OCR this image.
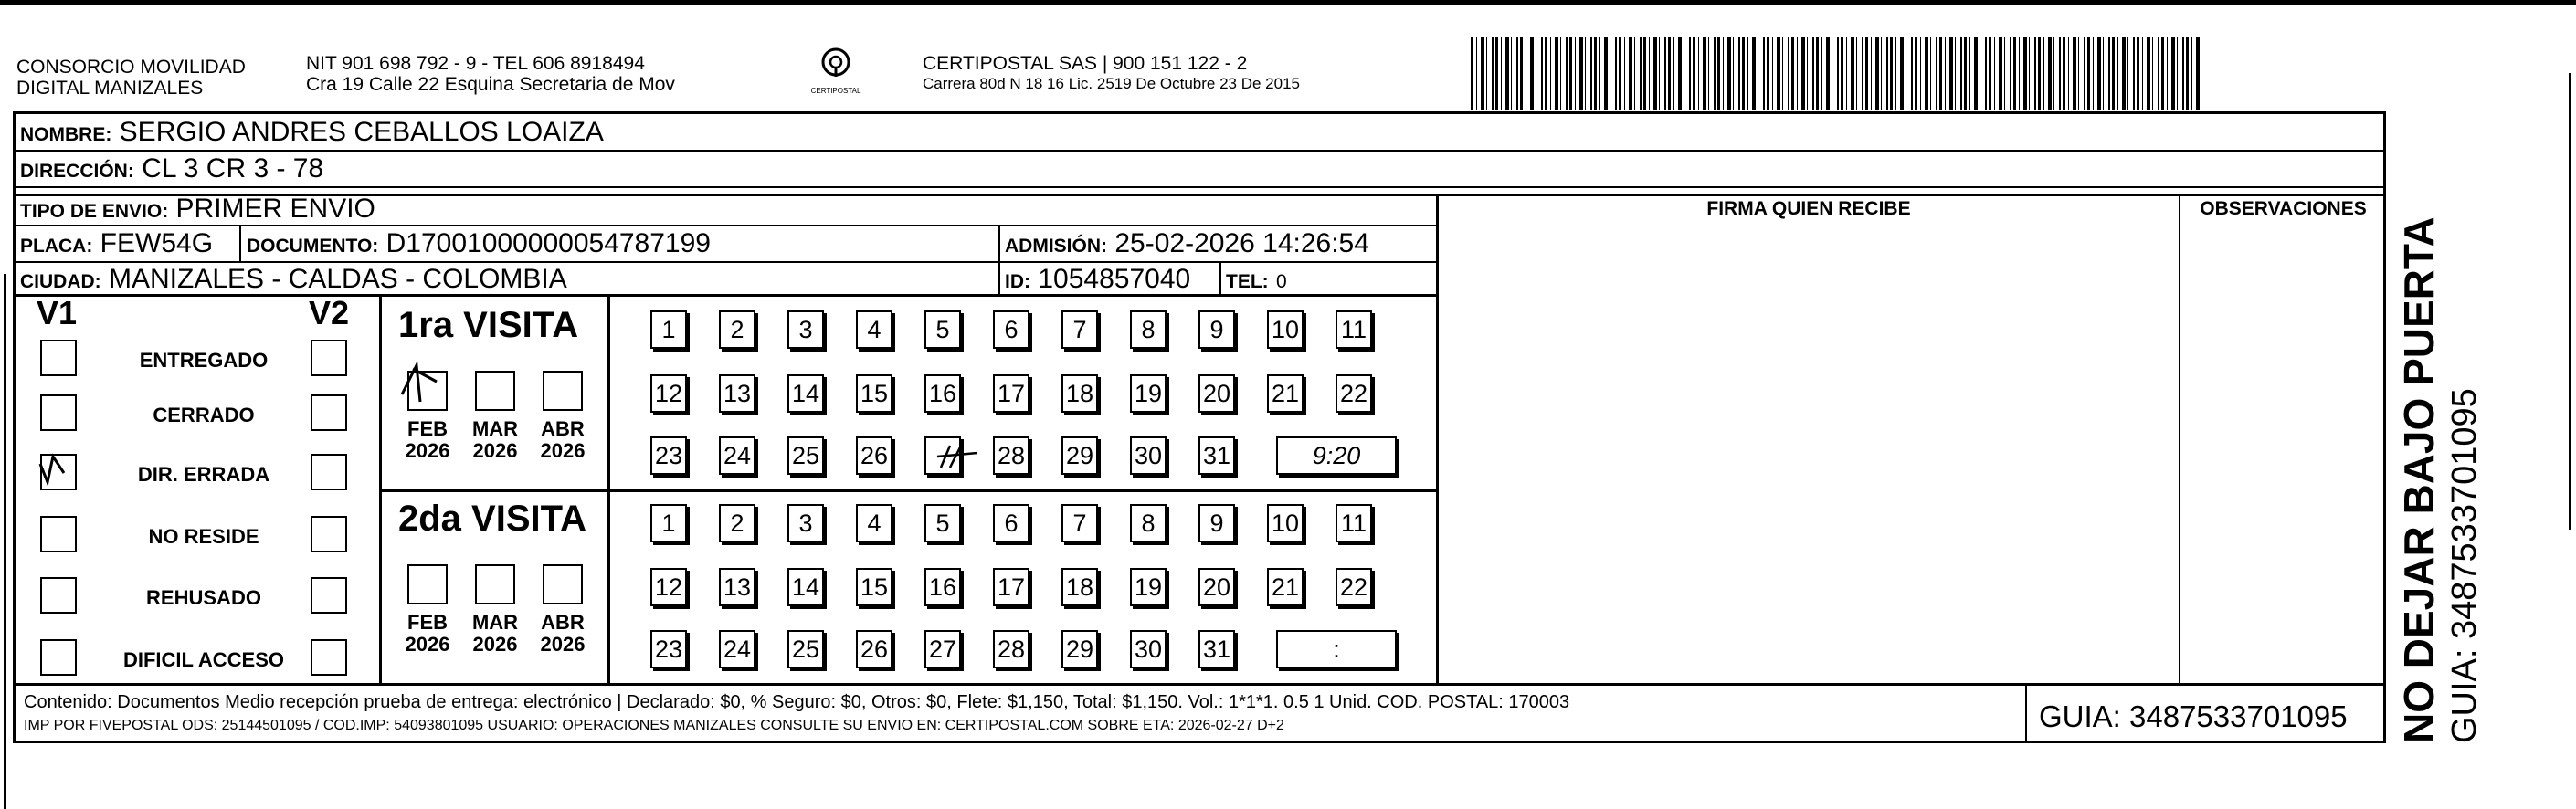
CONSORCIO MOVILIDAD
DIGITAL MANIZALES
NIT 901 698 792 - 9 - TEL 606 8918494
Cra 19 Calle 22 Esquina Secretaria de Mov	CERTIPOSTAL
CERTIPOSTAL SAS | 900 151 122 - 2
Carrera 80d N 18 16 Lic. 2519 De Octubre 23 De 2015
NOMBRE: SERGIO ANDRES CEBALLOS LOAIZA
DIRECCIÓN: CL 3 CR 3 - 78
TIPO DE ENVIO: PRIMER ENVIO
PLACA: FEW54G DOCUMENTO: D17001000000054787199	ADMISIÓN: 25-02-2026 14:26:54
CIUDAD: MANIZALES - CALDAS - COLOMBIA	ID: 1054857040 TEL: 0
FIRMA QUIEN RECIBE	OBSERVACIONES
V1	V2
ENTREGADO
CERRADO
DIR. ERRADA
NO RESIDE
REHUSADO
DIFICIL ACCESO
1ra VISITA
2da VISITA
FEB
2026
MAR
2026
ABR
2026
1	2	3	4	5	6	7	8	9	10 11
12 13 14 15 16 17 18 19 20 21 22
23 24 25 26	28 29 30 31	9:20
FEB
2026
MAR
2026
ABR
2026
1	2	3	4	5	6	7	8	9	10 11
12 13 14 15 16 17 18 19 20 21 22
23 24 25 26 27 28 29 30 31	:
Contenido: Documentos Medio recepción prueba de entrega: electrónico | Declarado: $0, % Seguro: $0, Otros: $0, Flete: $1,150, Total: $1,150. Vol.: 1*1*1. 0.5 1 Unid. COD. POSTAL: 170003
IMP POR FIVEPOSTAL ODS: 25144501095 / COD.IMP: 54093801095 USUARIO: OPERACIONES MANIZALES CONSULTE SU ENVIO EN: CERTIPOSTAL.COM SOBRE ETA: 2026-02-27 D+2	GUIA: 3487533701095 NO DEJAR BAJO PUERTA GUIA: 3487533701095
